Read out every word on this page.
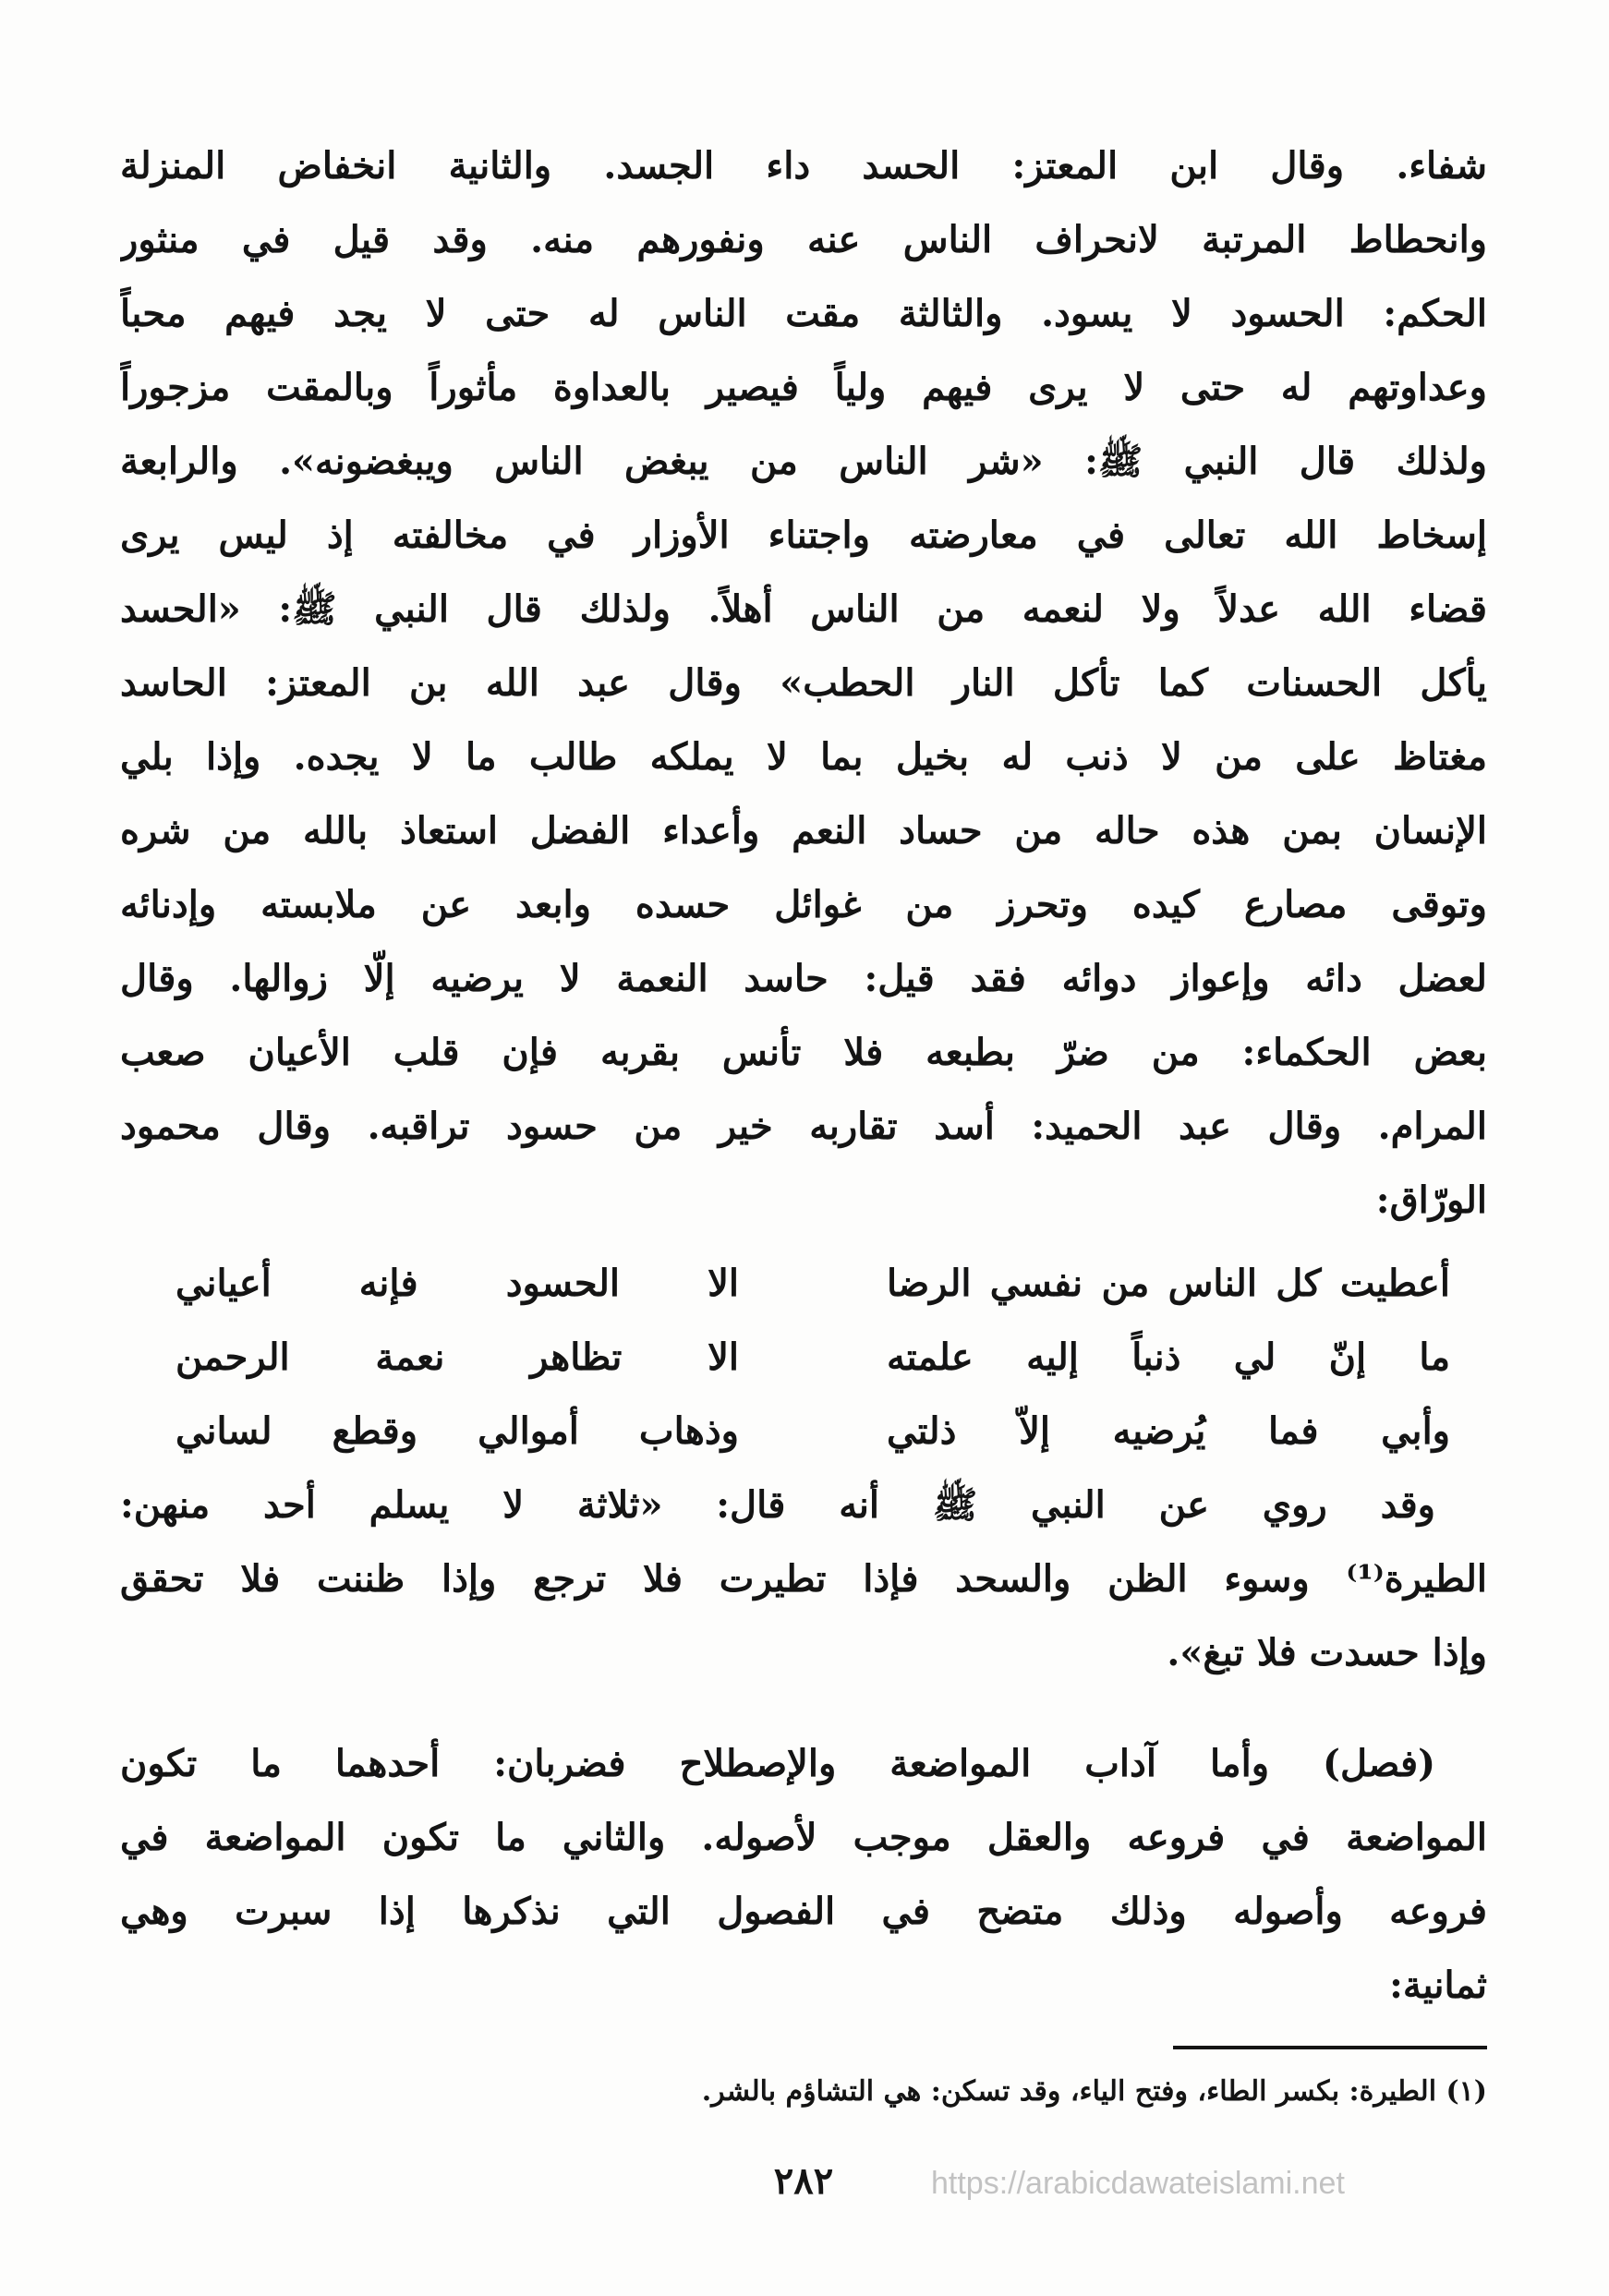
شفاء. وقال ابن المعتز: الحسد داء الجسد. والثانية انخفاض المنزلة
وانحطاط المرتبة لانحراف الناس عنه ونفورهم منه. وقد قيل في منثور
الحكم: الحسود لا يسود. والثالثة مقت الناس له حتى لا يجد فيهم محباً
وعداوتهم له حتى لا يرى فيهم ولياً فيصير بالعداوة مأثوراً وبالمقت مزجوراً
ولذلك قال النبي ﷺ: «شر الناس من يبغض الناس ويبغضونه». والرابعة
إسخاط الله تعالى في معارضته واجتناء الأوزار في مخالفته إذ ليس يرى
قضاء الله عدلاً ولا لنعمه من الناس أهلاً. ولذلك قال النبي ﷺ: «الحسد
يأكل الحسنات كما تأكل النار الحطب» وقال عبد الله بن المعتز: الحاسد
مغتاظ على من لا ذنب له بخيل بما لا يملكه طالب ما لا يجده. وإذا بلي
الإنسان بمن هذه حاله من حساد النعم وأعداء الفضل استعاذ بالله من شره
وتوقى مصارع كيده وتحرز من غوائل حسده وابعد عن ملابسته وإدنائه
لعضل دائه وإعواز دوائه فقد قيل: حاسد النعمة لا يرضيه إلّا زوالها. وقال
بعض الحكماء: من ضرّ بطبعه فلا تأنس بقربه فإن قلب الأعيان صعب
المرام. وقال عبد الحميد: أسد تقاربه خير من حسود تراقبه. وقال محمود
الورّاق:
أعطيت كل الناس من نفسي الرضا
الا الحسود فإنه أعياني
ما إنّ لي ذنباً إليه علمته
الا تظاهر نعمة الرحمن
وأبي فما يُرضيه إلاّ ذلتي
وذهاب أموالي وقطع لساني
وقد روي عن النبي ﷺ أنه قال: «ثلاثة لا يسلم أحد منهن:
الطيرة⁽¹⁾ وسوء الظن والسحد فإذا تطيرت فلا ترجع وإذا ظننت فلا تحقق
وإذا حسدت فلا تبغ».
(فصل) وأما آداب المواضعة والإصطلاح فضربان: أحدهما ما تكون
المواضعة في فروعه والعقل موجب لأصوله. والثاني ما تكون المواضعة في
فروعه وأصوله وذلك متضح في الفصول التي نذكرها إذا سبرت وهي
ثمانية:
(١) الطيرة: بكسر الطاء، وفتح الياء، وقد تسكن: هي التشاؤم بالشر.
٢٨٢	https://arabicdawateislami.net
